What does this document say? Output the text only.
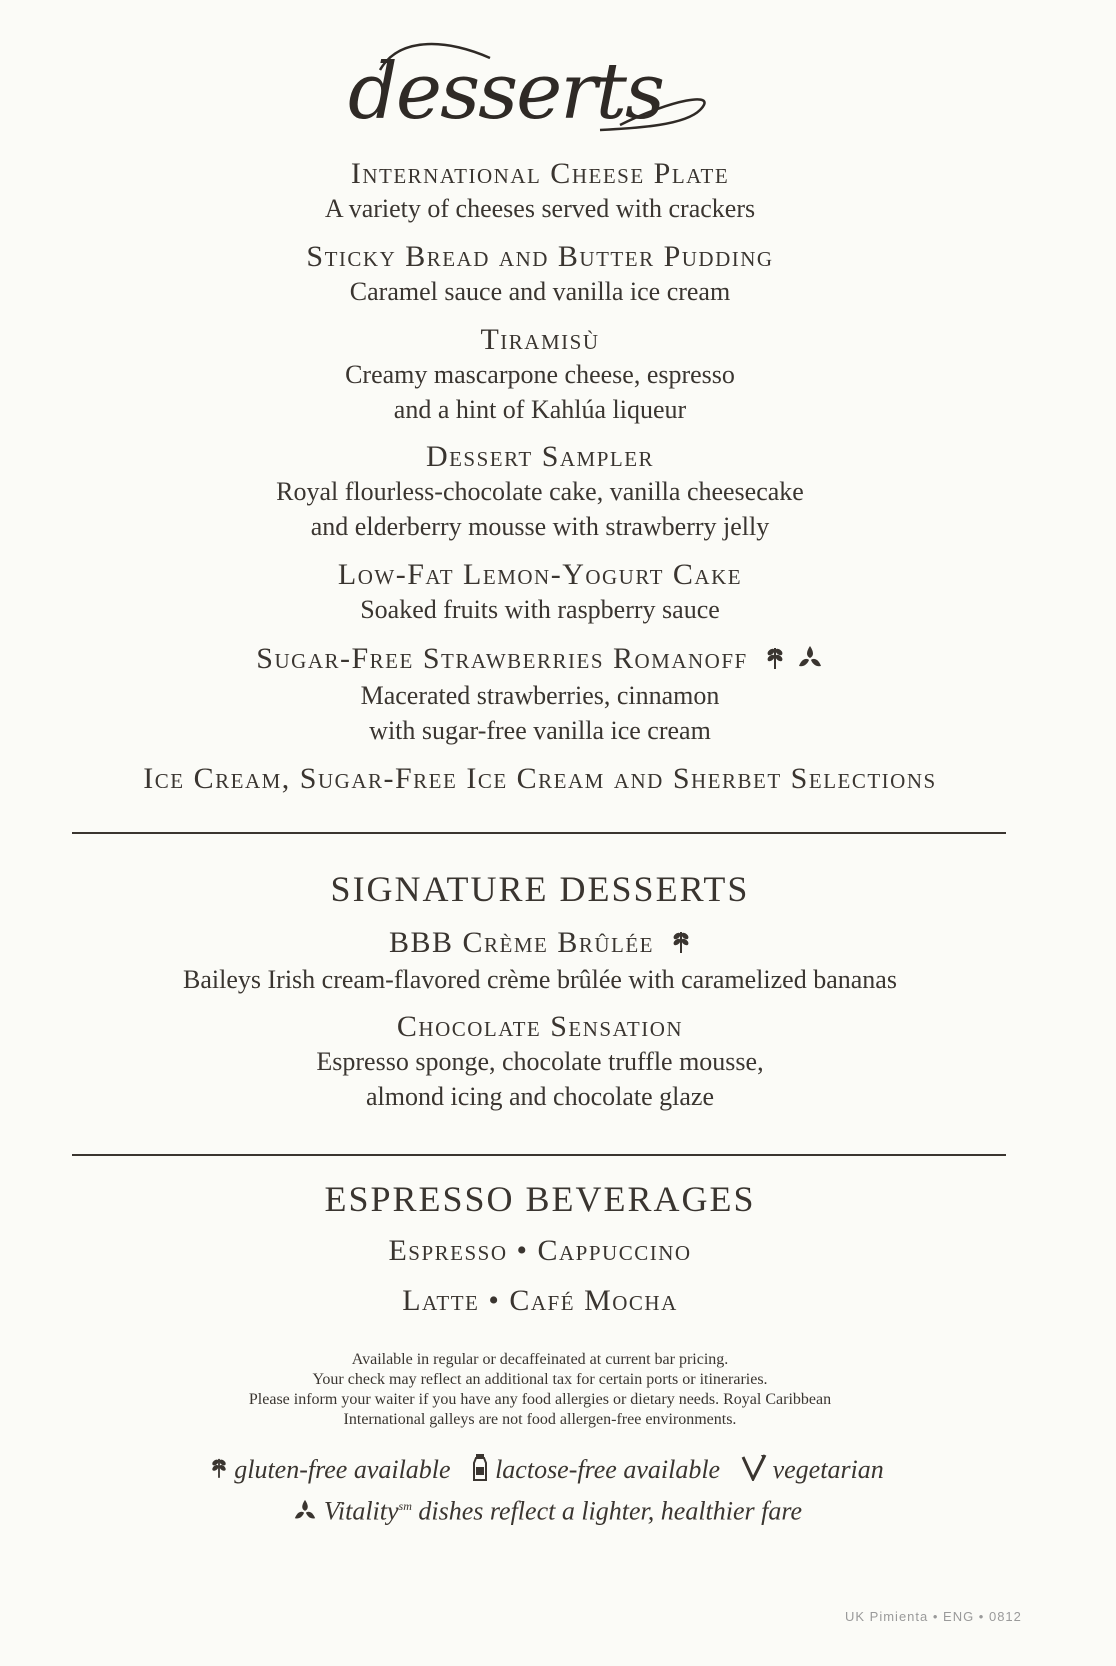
desserts
International Cheese Plate
A variety of cheeses served with crackers
Sticky Bread and Butter Pudding
Caramel sauce and vanilla ice cream
Tiramisù
Creamy mascarpone cheese, espresso
and a hint of Kahlúa liqueur
Dessert Sampler
Royal flourless-chocolate cake, vanilla cheesecake
and elderberry mousse with strawberry jelly
Low-Fat Lemon-Yogurt Cake
Soaked fruits with raspberry sauce
Sugar-Free Strawberries Romanoff
Macerated strawberries, cinnamon
with sugar-free vanilla ice cream
Ice Cream, Sugar-Free Ice Cream and Sherbet Selections
SIGNATURE DESSERTS
BBB Crème Brûlée
Baileys Irish cream-flavored crème brûlée with caramelized bananas
Chocolate Sensation
Espresso sponge, chocolate truffle mousse,
almond icing and chocolate glaze
ESPRESSO BEVERAGES
Espresso • Cappuccino
Latte • Café Mocha
Available in regular or decaffeinated at current bar pricing.
Your check may reflect an additional tax for certain ports or itineraries.
Please inform your waiter if you have any food allergies or dietary needs. Royal Caribbean
International galleys are not food allergen-free environments.
gluten-free available lactose-free available vegetarian
Vitality$^{sm}$ dishes reflect a lighter, healthier fare
UK Pimienta • ENG • 0812
